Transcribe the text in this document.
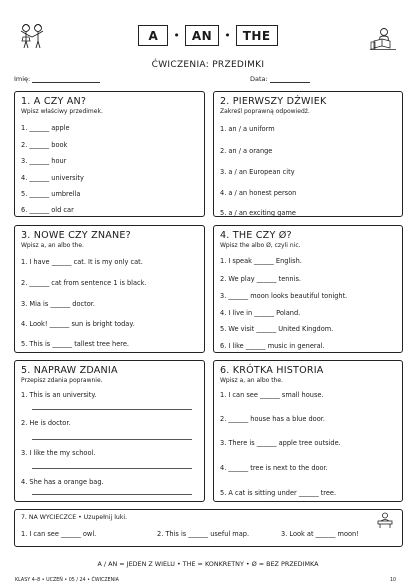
A	•	AN	•	THE
ĆWICZENIA: PRZEDIMKI
Imię:	Data:
1. A CZY AN?
Wpisz właściwy przedimek.
1. ______ apple
2. ______ book
3. ______ hour
4. ______ university
5. ______ umbrella
6. ______ old car
2. PIERWSZY DŹWIEK
Zakreśl poprawną odpowiedź.
1. an / a uniform
2. an / a orange
3. a / an European city
4. a / an honest person
5. a / an exciting game
3. NOWE CZY ZNANE?
Wpisz a, an albo the.
1. I have ______ cat. It is my only cat.
2. ______ cat from sentence 1 is black.
3. Mia is ______ doctor.
4. Look! ______ sun is bright today.
5. This is ______ tallest tree here.
4. THE CZY Ø?
Wpisz the albo Ø, czyli nic.
1. I speak ______ English.
2. We play ______ tennis.
3. ______ moon looks beautiful tonight.
4. I live in ______ Poland.
5. We visit ______ United Kingdom.
6. I like ______ music in general.
5. NAPRAW ZDANIA
Przepisz zdania poprawnie.
1. This is an university.
2. He is doctor.
3. I like the my school.
4. She has a orange bag.
6. KRÓTKA HISTORIA
Wpisz a, an albo the.
1. I can see ______ small house.
2. ______ house has a blue door.
3. There is ______ apple tree outside.
4. ______ tree is next to the door.
5. A cat is sitting under ______ tree.
7. NA WYCIECZCE • Uzupełnij luki.
1. I can see ______ owl.	2. This is ______ useful map.	3. Look at ______ moon!
A / AN = JEDEN Z WIELU • THE = KONKRETNY • Ø = BEZ PRZEDIMKA
KLASY 4–8 • UCZEŃ • 05 / 24 • ĆWICZENIA	10
